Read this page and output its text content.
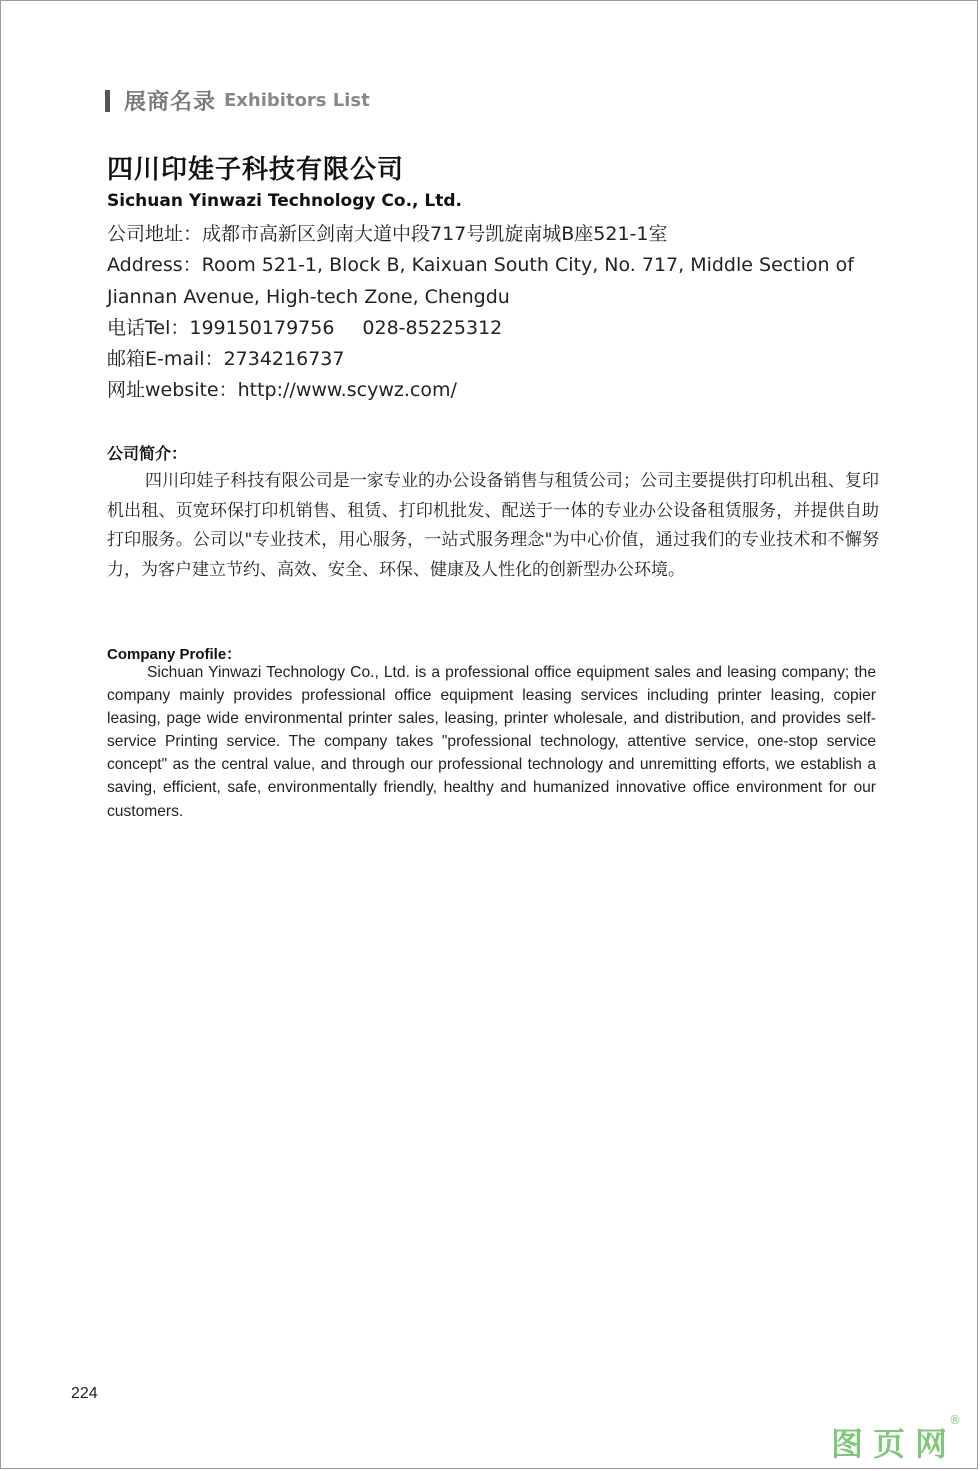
展商名录 Exhibitors List
四川印娃子科技有限公司
Sichuan Yinwazi Technology Co., Ltd.
公司地址：成都市高新区剑南大道中段717号凯旋南城B座521-1室
Address：Room 521-1, Block B, Kaixuan South City, No. 717, Middle Section of Jiannan Avenue, High-tech Zone, Chengdu
电话Tel：19915017975​6 028-85225312
邮箱E-mail：2734216737
网址website：http://www.scywz.com/
公司简介：
四川印娃子科技有限公司是一家专业的办公设备销售与租赁公司；公司主要提供打印机出租、复印机出租、页宽环保打印机销售、租赁、打印机批发、配送于一体的专业办公设备租赁服务，并提供自助打印服务。公司以"专业技术，用心服务，一站式服务理念"为中心价值，通过我们的专业技术和不懈努力，为客户建立节约、高效、安全、环保、健康及人性化的创新型办公环境。
Company Profile：
Sichuan Yinwazi Technology Co., Ltd. is a professional office equipment sales and leasing company; the company mainly provides professional office equipment leasing services including printer leasing, copier leasing, page wide environmental printer sales, leasing, printer wholesale, and distribution, and provides self-service Printing service. The company takes "professional technology, attentive service, one-stop service concept" as the central value, and through our professional technology and unremitting efforts, we establish a saving, efficient, safe, environmentally friendly, healthy and humanized innovative office environment for our customers.
224
图页网
®
